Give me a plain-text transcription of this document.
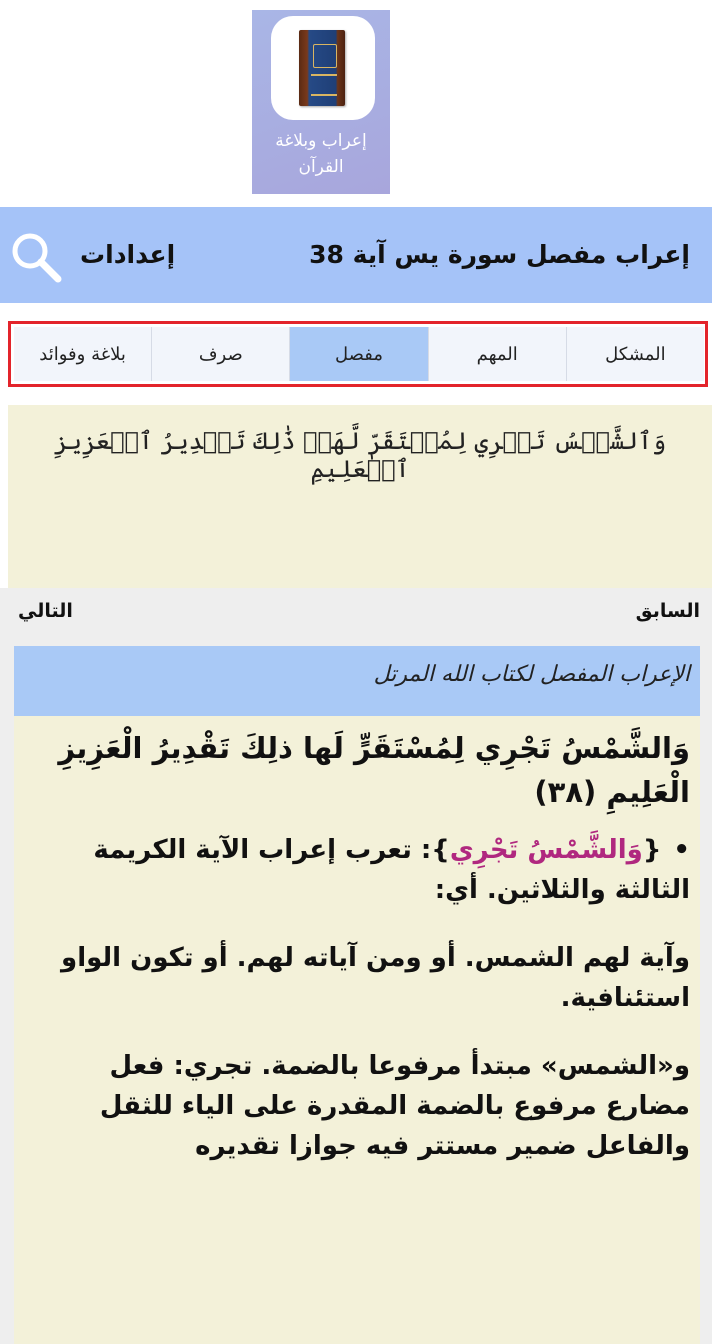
إعراب وبلاغة
القرآن
إعدادات	إعراب مفصل سورة يس آية 38
المشكل
المهم
مفصل
صرف
بلاغة وفوائد
وَٱلشَّمۡسُ تَجۡرِي لِمُسۡتَقَرّٖ لَّهَاۚ ذَٰلِكَ تَقۡدِيرُ ٱلۡعَزِيزِ ٱلۡعَلِيمِ
السابق
التالي
الإعراب المفصل لكتاب الله المرتل

وَالشَّمْسُ تَجْرِي لِمُسْتَقَرٍّ لَها ذلِكَ تَقْدِيرُ الْعَزِيزِ الْعَلِيمِ (٣٨)

•{وَالشَّمْسُ تَجْرِي}: تعرب إعراب الآية الكريمة الثالثة والثلاثين. أي:

وآية لهم الشمس. أو ومن آياته لهم. أو تكون الواو استئنافية.

و«الشمس» مبتدأ مرفوعا بالضمة. تجري: فعل مضارع مرفوع بالضمة المقدرة على الياء للثقل والفاعل ضمير مستتر فيه جوازا تقديره
